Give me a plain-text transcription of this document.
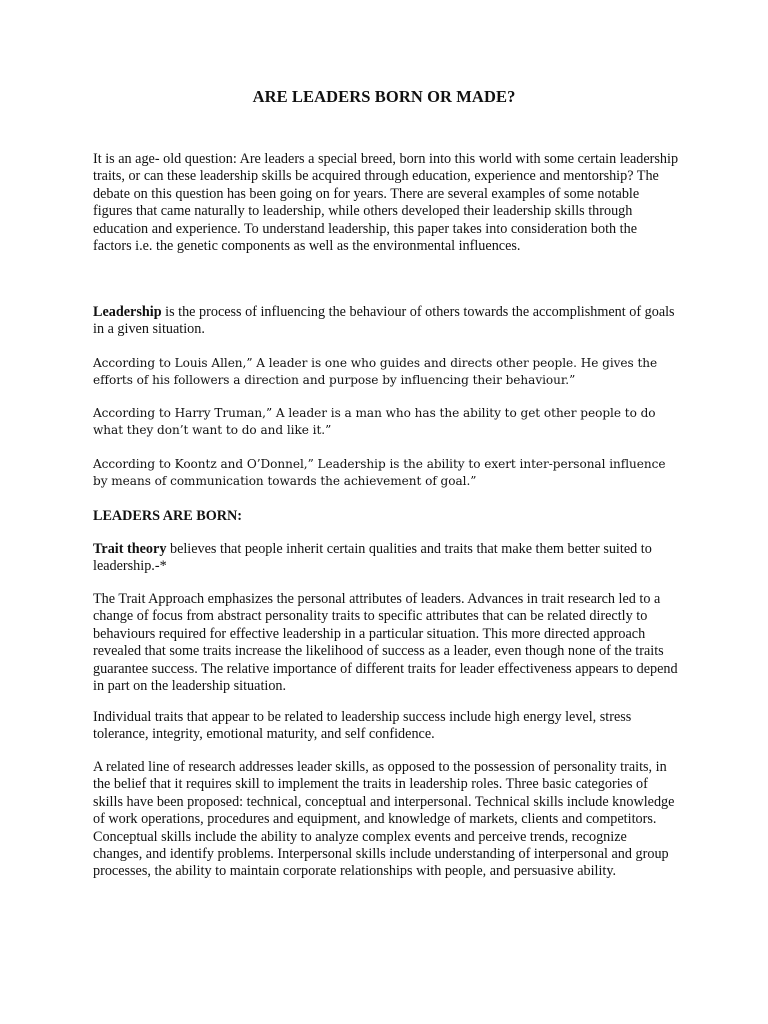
ARE LEADERS BORN OR MADE?

It is an age- old question: Are leaders a special breed, born into this world with some certain leadership traits, or can these leadership skills be acquired through education, experience and mentorship? The debate on this question has been going on for years. There are several examples of some notable figures that came naturally to leadership, while others developed their leadership skills through education and experience. To understand leadership, this paper takes into consideration both the factors i.e. the genetic components as well as the environmental influences.

Leadership is the process of influencing the behaviour of others towards the accomplishment of goals in a given situation.

According to Louis Allen,” A leader is one who guides and directs other people. He gives the efforts of his followers a direction and purpose by influencing their behaviour.”

According to Harry Truman,” A leader is a man who has the ability to get other people to do what they don’t want to do and like it.”

According to Koontz and O’Donnel,” Leadership is the ability to exert inter-personal influence by means of communication towards the achievement of goal.”

LEADERS ARE BORN:

Trait theory believes that people inherit certain qualities and traits that make them better suited to leadership.-*

The Trait Approach emphasizes the personal attributes of leaders. Advances in trait research led to a change of focus from abstract personality traits to specific attributes that can be related directly to behaviours required for effective leadership in a particular situation. This more directed approach revealed that some traits increase the likelihood of success as a leader, even though none of the traits guarantee success. The relative importance of different traits for leader effectiveness appears to depend in part on the leadership situation.

Individual traits that appear to be related to leadership success include high energy level, stress tolerance, integrity, emotional maturity, and self confidence.

A related line of research addresses leader skills, as opposed to the possession of personality traits, in the belief that it requires skill to implement the traits in leadership roles. Three basic categories of skills have been proposed: technical, conceptual and interpersonal. Technical skills include knowledge of work operations, procedures and equipment, and knowledge of markets, clients and competitors. Conceptual skills include the ability to analyze complex events and perceive trends, recognize changes, and identify problems. Interpersonal skills include understanding of interpersonal and group processes, the ability to maintain corporate relationships with people, and persuasive ability.
